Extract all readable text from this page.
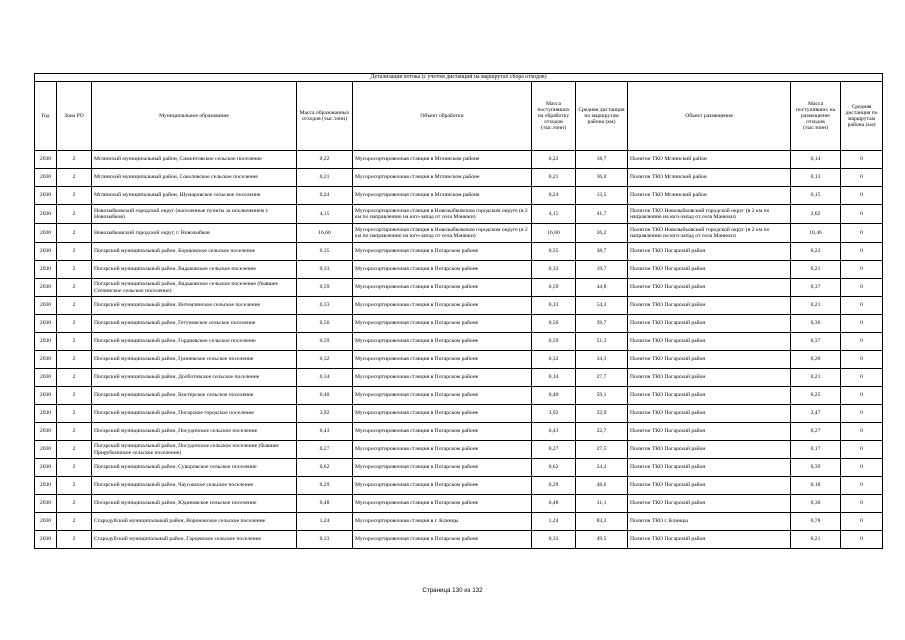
Детализация потока (с учетом дистанций на маршрутах сбора отходов)									
Год	Зона РО	Муниципальное образование	Масса образованных отходов (тыс.тонн)	Объект обработки	Масса поступивших на обработку отходов (тыс.тонн)	Средняя дистанция по маршрутам района (км)	Объект размещения	Масса поступивших на размещение отходов (тыс.тонн)	Средняя дистанция по маршрутам района (км)
2030	2	Мглинский муниципальный район, Симонтовское сельское поселение	0,22	Мусоросортировочная станция в Мглинском районе	0,22	18,7	Полигон ТКО Мглинский район	0,14	0
2030	2	Мглинский муниципальный район, Соколовское сельское поселение	0,21	Мусоросортировочная станция в Мглинском районе	0,21	36,0	Полигон ТКО Мглинский район	0,13	0
2030	2	Мглинский муниципальный район, Шумаровское сельское поселение	0,24	Мусоросортировочная станция в Мглинском районе	0,24	13,5	Полигон ТКО Мглинский район	0,15	0
2030	2	Новозыбковский городской округ (населенные пункты за исключением г. Новозыбков)	4,15	Мусоросортировочная станция в Новозыбковском городском округе (в 2 км по направлению на юго-запад от села Манюки)	4,15	41,7	Полигон ТКО Новозыбковский городской округ (в 2 км по направлению на юго-запад от села Манюки)	2,62	0
2030	2	Новозыбковский городской округ, г. Новозыбков	16,60	Мусоросортировочная станция в Новозыбковском городском округе (в 2 км по направлению на юго-запад от села Манюки)	16,60	26,2	Полигон ТКО Новозыбковский городской округ (в 2 км по направлению на юго-запад от села Манюки)	10,46	0
2030	2	Погарский муниципальный район, Борщовское сельское поселение	0,35	Мусоросортировочная станция в Погарском районе	0,35	38,7	Полигон ТКО Погарский район	0,22	0
2030	2	Погарский муниципальный район, Вадьковское сельское поселение	0,33	Мусоросортировочная станция в Погарском районе	0,33	19,7	Полигон ТКО Погарский район	0,21	0
2030	2	Погарский муниципальный район, Вадьковское сельское поселение (бывшее Стечинское сельское поселение)	0,59	Мусоросортировочная станция в Погарском районе	0,59	44,8	Полигон ТКО Погарский район	0,37	0
2030	2	Погарский муниципальный район, Витемлянское сельское поселение	0,33	Мусоросортировочная станция в Погарском районе	0,33	54,3	Полигон ТКО Погарский район	0,21	0
2030	2	Погарский муниципальный район, Гетуновское сельское поселение	0,56	Мусоросортировочная станция в Погарском районе	0,56	39,7	Полигон ТКО Погарский район	0,36	0
2030	2	Погарский муниципальный район, Гордиевское сельское поселение	0,59	Мусоросортировочная станция в Погарском районе	0,59	51,3	Полигон ТКО Погарский район	0,37	0
2030	2	Погарский муниципальный район, Гриневское сельское поселение	0,32	Мусоросортировочная станция в Погарском районе	0,32	34,3	Полигон ТКО Погарский район	0,20	0
2030	2	Погарский муниципальный район, Долботовское сельское поселение	0,34	Мусоросортировочная станция в Погарском районе	0,34	27,7	Полигон ТКО Погарский район	0,21	0
2030	2	Погарский муниципальный район, Кистерское сельское поселение	0,40	Мусоросортировочная станция в Погарском районе	0,40	59,1	Полигон ТКО Погарский район	0,25	0
2030	2	Погарский муниципальный район, Погарское городское поселение	3,92	Мусоросортировочная станция в Погарском районе	3,92	32,9	Полигон ТКО Погарский район	2,47	0
2030	2	Погарский муниципальный район, Посудичское сельское поселение	0,43	Мусоросортировочная станция в Погарском районе	0,43	22,7	Полигон ТКО Погарский район	0,27	0
2030	2	Погарский муниципальный район, Посудичское сельское поселение (бывшее Прирубкинское сельское поселение)	0,27	Мусоросортировочная станция в Погарском районе	0,27	27,5	Полигон ТКО Погарский район	0,17	0
2030	2	Погарский муниципальный район, Суворовское сельское поселение	0,62	Мусоросортировочная станция в Погарском районе	0,62	24,2	Полигон ТКО Погарский район	0,39	0
2030	2	Погарский муниципальный район, Чаусовское сельское поселение	0,29	Мусоросортировочная станция в Погарском районе	0,29	48,6	Полигон ТКО Погарский район	0,18	0
2030	2	Погарский муниципальный район, Юдиновское сельское поселение	0,48	Мусоросортировочная станция в Погарском районе	0,48	31,1	Полигон ТКО Погарский район	0,30	0
2030	2	Стародубский муниципальный район, Воронокское сельское поселение	1,24	Мусоросортировочная станция в г. Клинцы	1,24	83,3	Полигон ТКО г. Клинцы	0,78	0
2030	2	Стародубский муниципальный район, Гарцевское сельское поселение	0,33	Мусоросортировочная станция в Погарском районе	0,33	49,5	Полигон ТКО Погарский район	0,21	0
Страница 130 из 132
